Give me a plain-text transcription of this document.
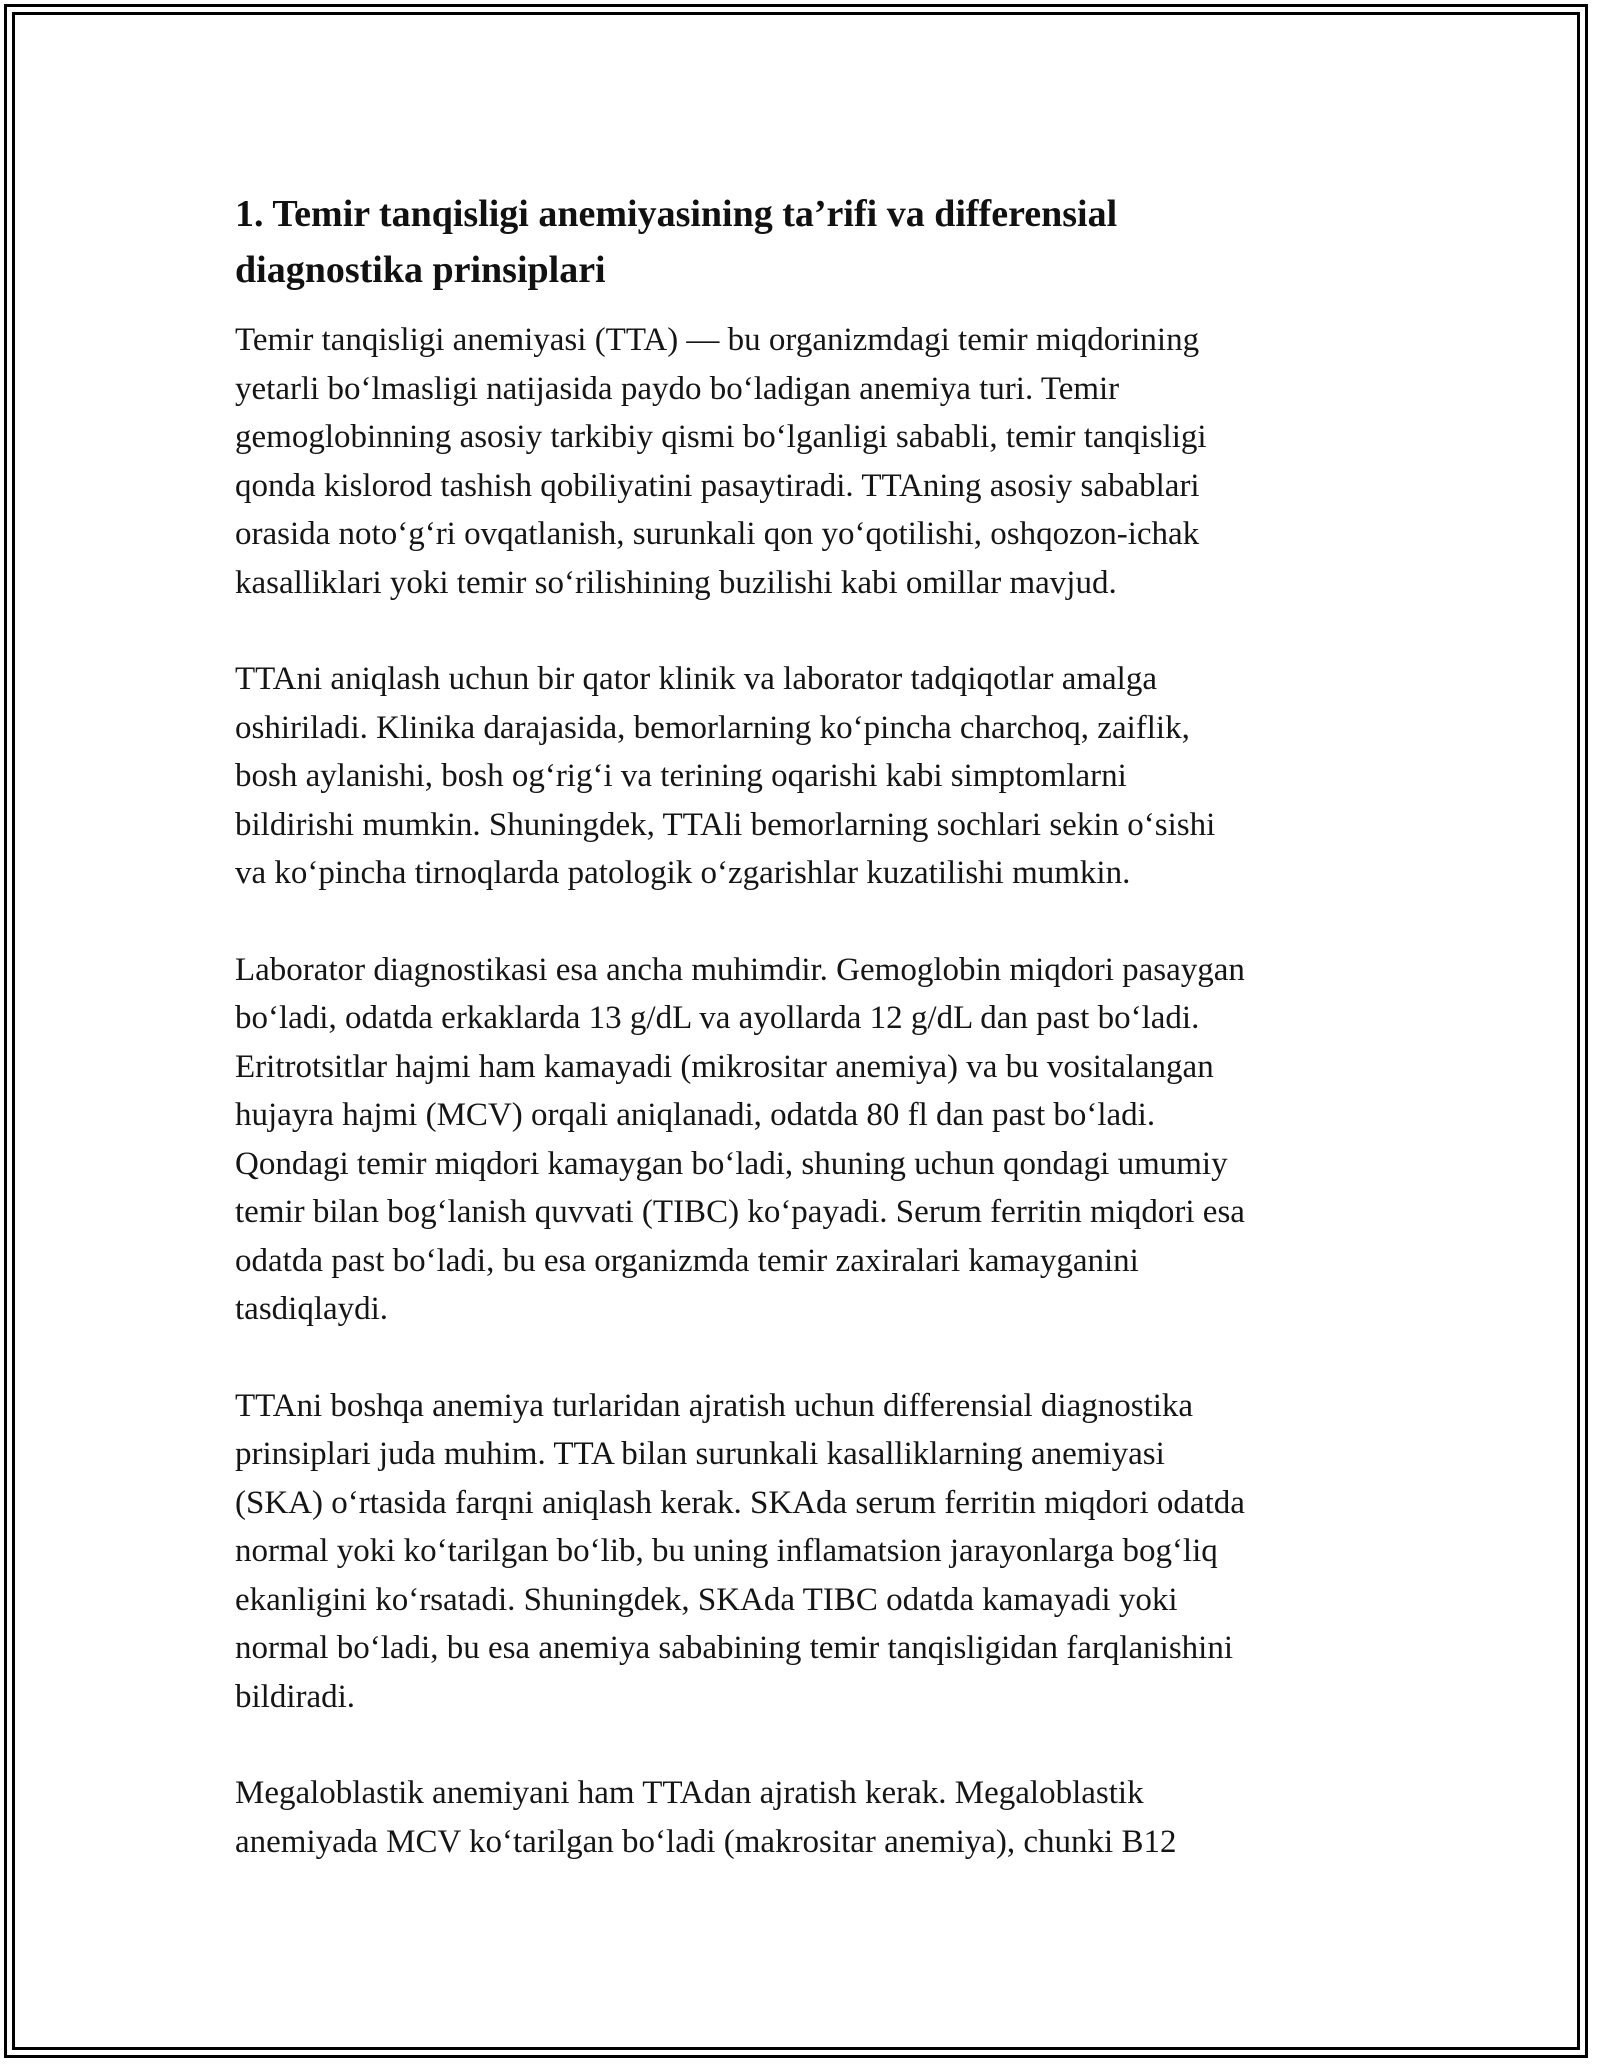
1. Temir tanqisligi anemiyasining ta’rifi va differensial
diagnostika prinsiplari

Temir tanqisligi anemiyasi (TTA) — bu organizmdagi temir miqdorining
yetarli boʻlmasligi natijasida paydo boʻladigan anemiya turi. Temir
gemoglobinning asosiy tarkibiy qismi boʻlganligi sababli, temir tanqisligi
qonda kislorod tashish qobiliyatini pasaytiradi. TTAning asosiy sabablari
orasida notoʻgʻri ovqatlanish, surunkali qon yoʻqotilishi, oshqozon-ichak
kasalliklari yoki temir soʻrilishining buzilishi kabi omillar mavjud.

TTAni aniqlash uchun bir qator klinik va laborator tadqiqotlar amalga
oshiriladi. Klinika darajasida, bemorlarning koʻpincha charchoq, zaiflik,
bosh aylanishi, bosh ogʻrigʻi va terining oqarishi kabi simptomlarni
bildirishi mumkin. Shuningdek, TTAli bemorlarning sochlari sekin oʻsishi
va koʻpincha tirnoqlarda patologik oʻzgarishlar kuzatilishi mumkin.

Laborator diagnostikasi esa ancha muhimdir. Gemoglobin miqdori pasaygan
boʻladi, odatda erkaklarda 13 g/dL va ayollarda 12 g/dL dan past boʻladi.
Eritrotsitlar hajmi ham kamayadi (mikrositar anemiya) va bu vositalangan
hujayra hajmi (MCV) orqali aniqlanadi, odatda 80 fl dan past boʻladi.
Qondagi temir miqdori kamaygan boʻladi, shuning uchun qondagi umumiy
temir bilan bogʻlanish quvvati (TIBC) koʻpayadi. Serum ferritin miqdori esa
odatda past boʻladi, bu esa organizmda temir zaxiralari kamayganini
tasdiqlaydi.

TTAni boshqa anemiya turlaridan ajratish uchun differensial diagnostika
prinsiplari juda muhim. TTA bilan surunkali kasalliklarning anemiyasi
(SKA) oʻrtasida farqni aniqlash kerak. SKAda serum ferritin miqdori odatda
normal yoki koʻtarilgan boʻlib, bu uning inflamatsion jarayonlarga bogʻliq
ekanligini koʻrsatadi. Shuningdek, SKAda TIBC odatda kamayadi yoki
normal boʻladi, bu esa anemiya sababining temir tanqisligidan farqlanishini
bildiradi.

Megaloblastik anemiyani ham TTAdan ajratish kerak. Megaloblastik
anemiyada MCV koʻtarilgan boʻladi (makrositar anemiya), chunki B12
